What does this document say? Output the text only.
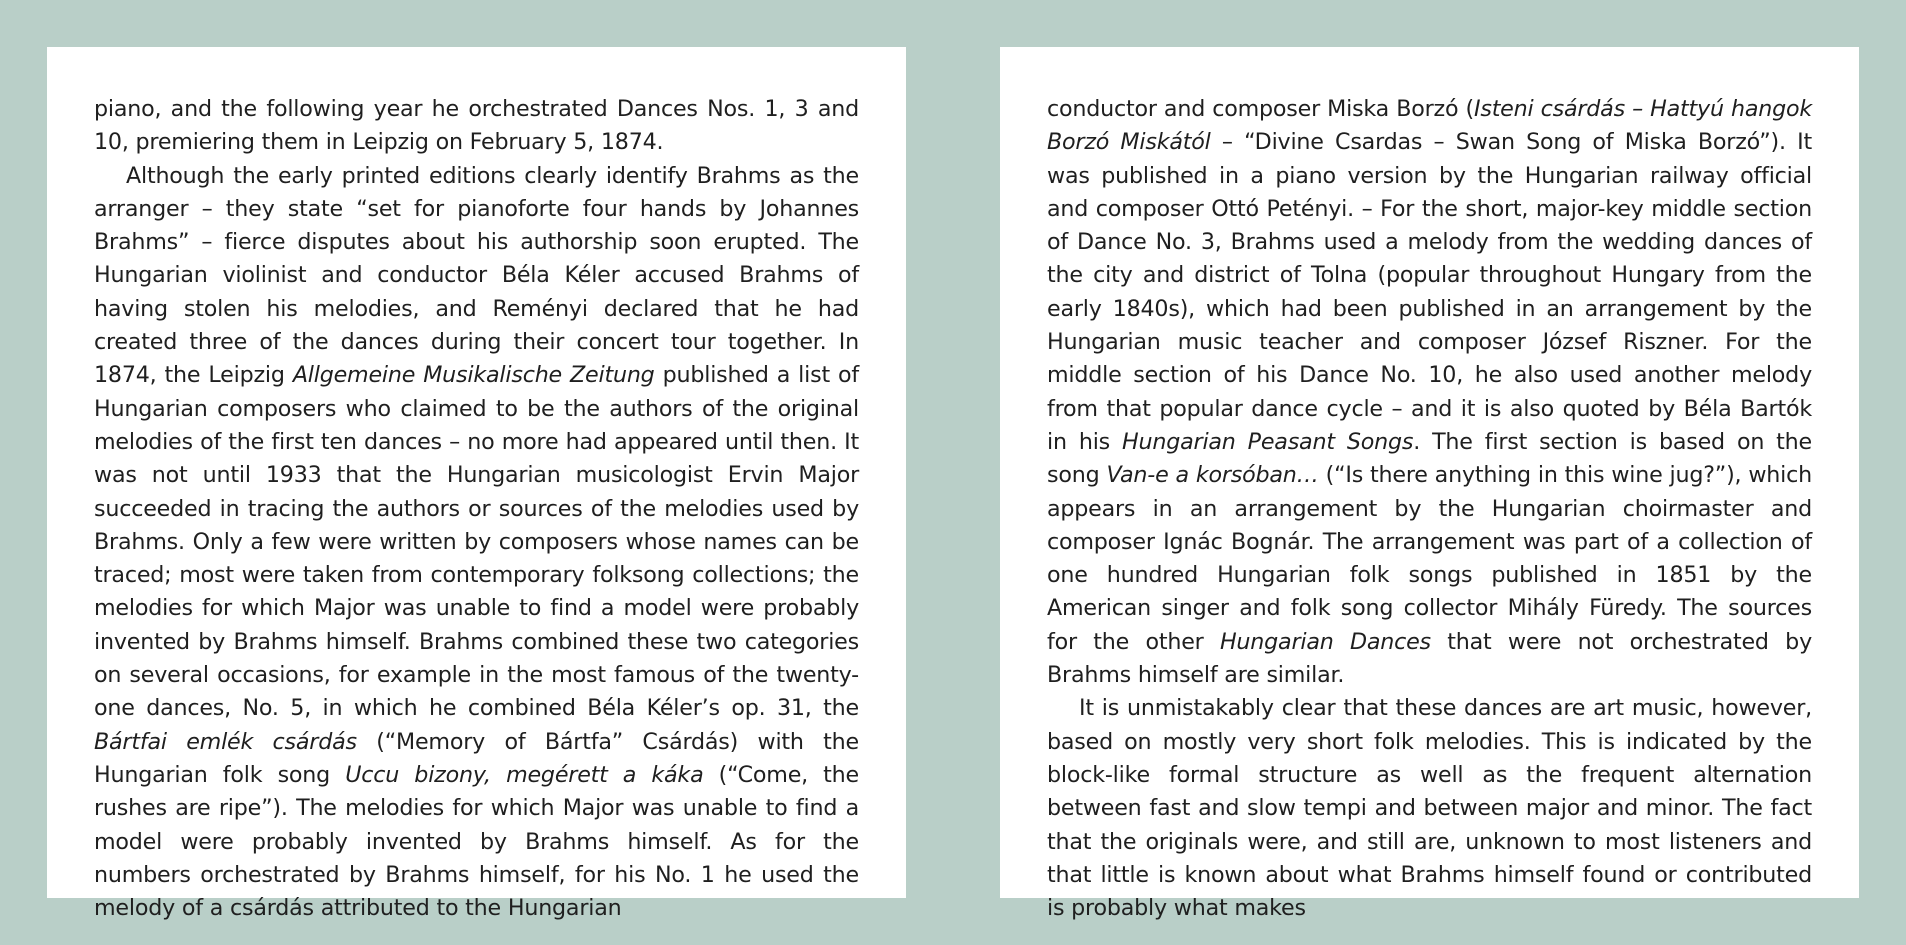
piano, and the following year he orchestrated Dances Nos. 1, 3 and 10, premiering them in Leipzig on February 5, 1874.

Although the early printed editions clearly identify Brahms as the arranger – they state “set for pianoforte four hands by Johannes Brahms” – fierce disputes about his authorship soon erupted. The Hungarian violinist and conductor Béla Kéler accused Brahms of having stolen his melodies, and Reményi declared that he had created three of the dances during their concert tour together. In 1874, the Leipzig Allgemeine Musikalische Zeitung published a list of Hungarian composers who claimed to be the authors of the original melodies of the first ten dances – no more had appeared until then. It was not until 1933 that the Hungarian musicologist Ervin Major succeeded in tracing the authors or sources of the melodies used by Brahms. Only a few were written by composers whose names can be traced; most were taken from contemporary folksong collections; the melodies for which Major was unable to find a model were probably invented by Brahms himself. Brahms combined these two categories on several occasions, for example in the most famous of the twenty-one dances, No. 5, in which he combined Béla Kéler’s op. 31, the Bártfai emlék csárdás (“Memory of Bártfa” Csárdás) with the Hungarian folk song Uccu bizony, megérett a káka (“Come, the rushes are ripe”). The melodies for which Major was unable to find a model were probably invented by Brahms himself. As for the numbers orchestrated by Brahms himself, for his No. 1 he used the melody of a csárdás attributed to the Hungarian

conductor and composer Miska Borzó (Isteni csárdás – Hattyú hangok Borzó Miskától – “Divine Csardas – Swan Song of Miska Borzó”). It was published in a piano version by the Hungarian railway official and composer Ottó Petényi. – For the short, major-key middle section of Dance No. 3, Brahms used a melody from the wedding dances of the city and district of Tolna (popular throughout Hungary from the early 1840s), which had been published in an arrangement by the Hungarian music teacher and composer József Riszner. For the middle section of his Dance No. 10, he also used another melody from that popular dance cycle – and it is also quoted by Béla Bartók in his Hungarian Peasant Songs. The first section is based on the song Van-e a korsóban… (“Is there anything in this wine jug?”), which appears in an arrangement by the Hungarian choirmaster and composer Ignác Bognár. The arrangement was part of a collection of one hundred Hungarian folk songs published in 1851 by the American singer and folk song collector Mihály Füredy. The sources for the other Hungarian Dances that were not orchestrated by Brahms himself are similar.

It is unmistakably clear that these dances are art music, however, based on mostly very short folk melodies. This is indicated by the block-like formal structure as well as the frequent alternation between fast and slow tempi and between major and minor. The fact that the originals were, and still are, unknown to most listeners and that little is known about what Brahms himself found or contributed is probably what makes
